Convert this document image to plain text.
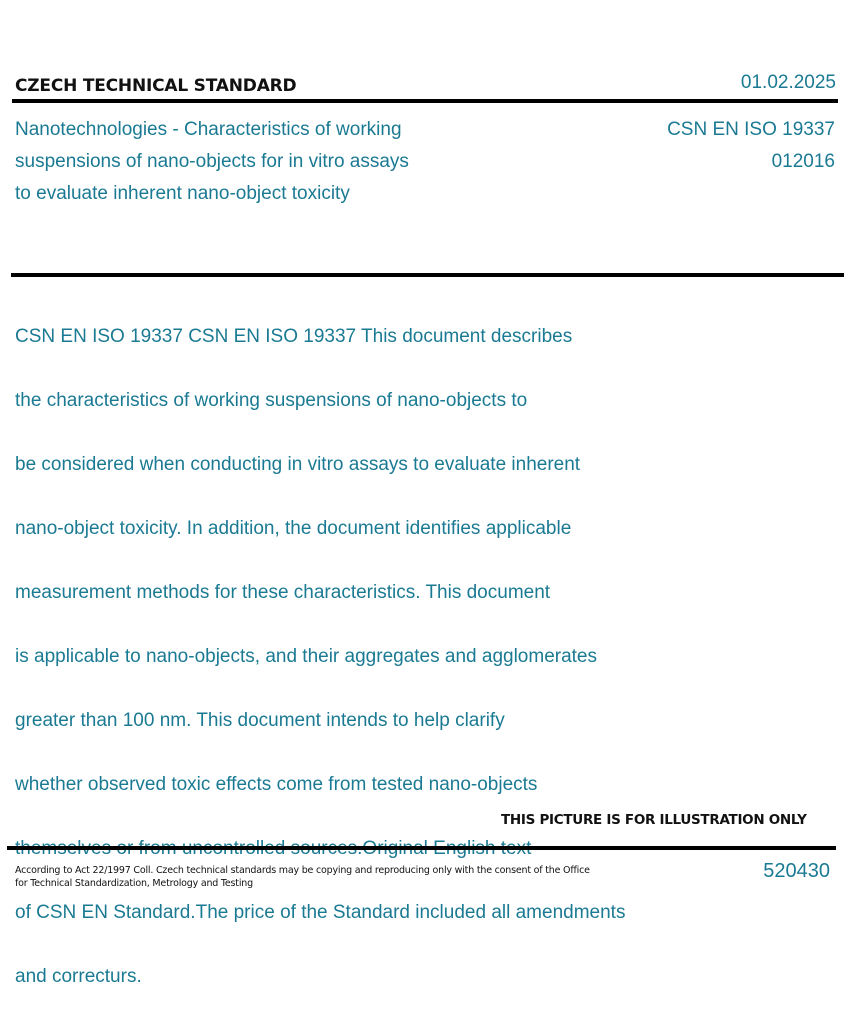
CZECH TECHNICAL STANDARD	01.02.2025
Nanotechnologies - Characteristics of working
suspensions of nano-objects for in vitro assays
to evaluate inherent nano-object toxicity
CSN EN ISO 19337
012016

CSN EN ISO 19337 CSN EN ISO 19337 This document describes

the characteristics of working suspensions of nano-objects to

be considered when conducting in vitro assays to evaluate inherent

nano-object toxicity. In addition, the document identifies applicable

measurement methods for these characteristics. This document

is applicable to nano-objects, and their aggregates and agglomerates

greater than 100 nm. This document intends to help clarify

whether observed toxic effects come from tested nano-objects

of CSN EN Standard.The price of the Standard included all amendments

and correcturs.

THIS PICTURE IS FOR ILLUSTRATION ONLY
According to Act 22/1997 Coll. Czech technical standards may be copying and reproducing only with the consent of the Office
for Technical Standardization, Metrology and Testing
520430
